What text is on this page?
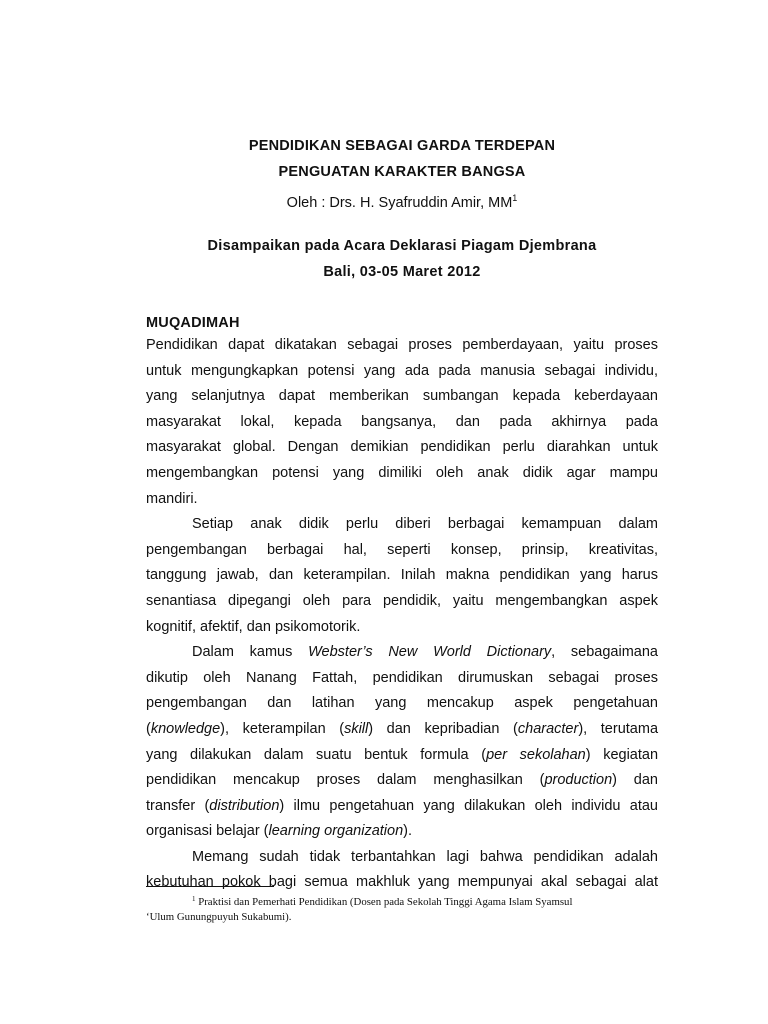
PENDIDIKAN SEBAGAI GARDA TERDEPAN
PENGUATAN KARAKTER BANGSA
Oleh : Drs. H. Syafruddin Amir, $MM^1$
Disampaikan pada Acara Deklarasi Piagam Djembrana
Bali, 03-05 Maret 2012
MUQADIMAH
Pendidikan dapat dikatakan sebagai proses pemberdayaan, yaitu proses
untuk mengungkapkan potensi yang ada pada manusia sebagai individu,
yang selanjutnya dapat memberikan sumbangan kepada keberdayaan
masyarakat lokal, kepada bangsanya, dan pada akhirnya pada
masyarakat global. Dengan demikian pendidikan perlu diarahkan untuk
mengembangkan potensi yang dimiliki oleh anak didik agar mampu
mandiri.
Setiap anak didik perlu diberi berbagai kemampuan dalam
pengembangan berbagai hal, seperti konsep, prinsip, kreativitas,
tanggung jawab, dan keterampilan. Inilah makna pendidikan yang harus
senantiasa dipegangi oleh para pendidik, yaitu mengembangkan aspek
kognitif, afektif, dan psikomotorik.
Dalam kamus Webster’s New World Dictionary, sebagaimana
dikutip oleh Nanang Fattah, pendidikan dirumuskan sebagai proses
pengembangan dan latihan yang mencakup aspek pengetahuan
(knowledge), keterampilan (skill) dan kepribadian (character), terutama
yang dilakukan dalam suatu bentuk formula (per sekolahan) kegiatan
pendidikan mencakup proses dalam menghasilkan (production) dan
transfer (distribution) ilmu pengetahuan yang dilakukan oleh individu atau
organisasi belajar (learning organization).
Memang sudah tidak terbantahkan lagi bahwa pendidikan adalah
kebutuhan pokok bagi semua makhluk yang mempunyai akal sebagai alat
$^1$ Praktisi dan Pemerhati Pendidikan (Dosen pada Sekolah Tinggi Agama Islam Syamsul
‘Ulum Gunungpuyuh Sukabumi).
